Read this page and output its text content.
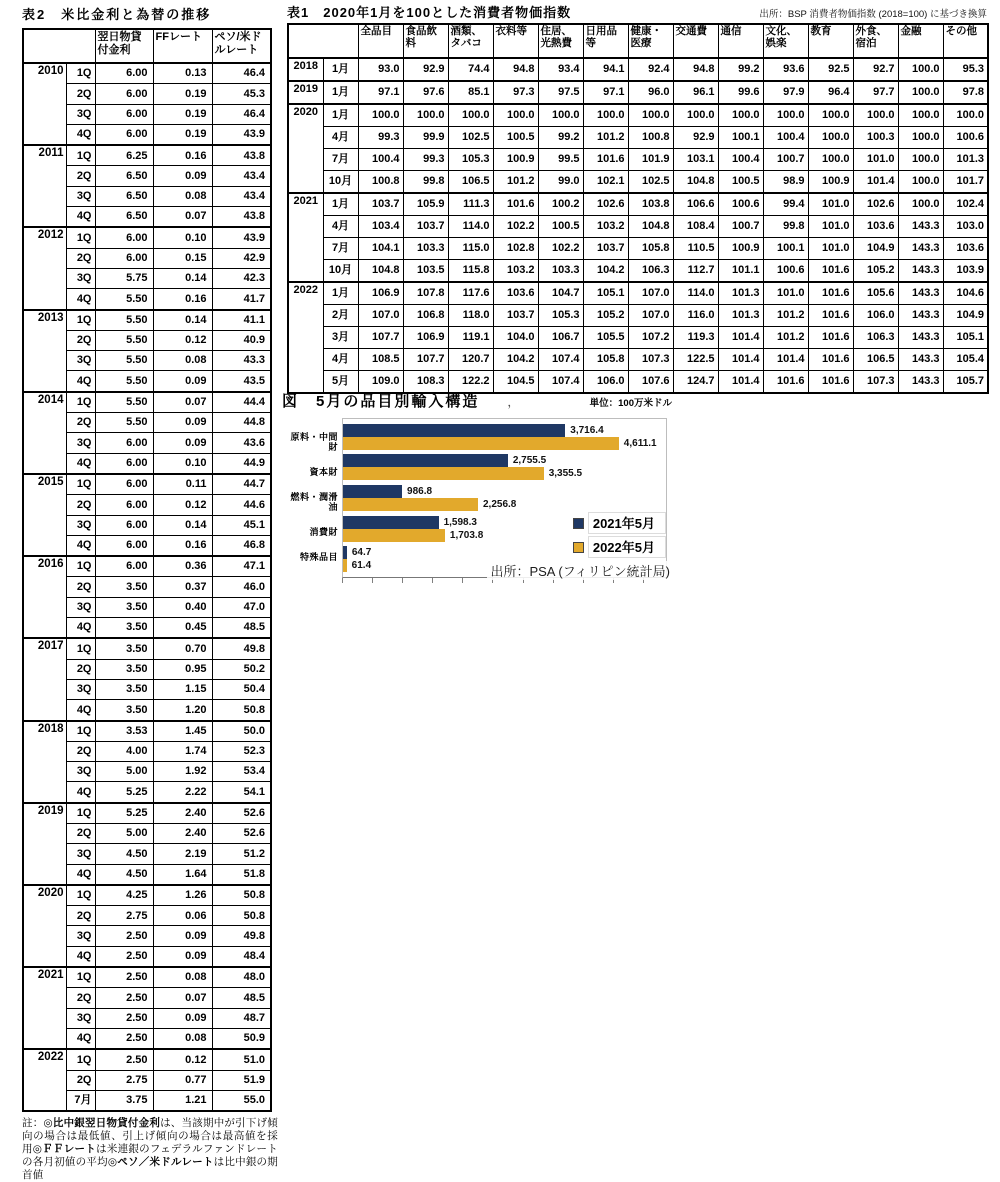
表2　米比金利と為替の推移
		翌日物貸付金利	FFレート	ペソ/米ドルレート
2010	1Q	6.00	0.13	46.4
	2Q	6.00	0.19	45.3
	3Q	6.00	0.19	46.4
	4Q	6.00	0.19	43.9
2011	1Q	6.25	0.16	43.8
	2Q	6.50	0.09	43.4
	3Q	6.50	0.08	43.4
	4Q	6.50	0.07	43.8
2012	1Q	6.00	0.10	43.9
	2Q	6.00	0.15	42.9
	3Q	5.75	0.14	42.3
	4Q	5.50	0.16	41.7
2013	1Q	5.50	0.14	41.1
	2Q	5.50	0.12	40.9
	3Q	5.50	0.08	43.3
	4Q	5.50	0.09	43.5
2014	1Q	5.50	0.07	44.4
	2Q	5.50	0.09	44.8
	3Q	6.00	0.09	43.6
	4Q	6.00	0.10	44.9
2015	1Q	6.00	0.11	44.7
	2Q	6.00	0.12	44.6
	3Q	6.00	0.14	45.1
	4Q	6.00	0.16	46.8
2016	1Q	6.00	0.36	47.1
	2Q	3.50	0.37	46.0
	3Q	3.50	0.40	47.0
	4Q	3.50	0.45	48.5
2017	1Q	3.50	0.70	49.8
	2Q	3.50	0.95	50.2
	3Q	3.50	1.15	50.4
	4Q	3.50	1.20	50.8
2018	1Q	3.53	1.45	50.0
	2Q	4.00	1.74	52.3
	3Q	5.00	1.92	53.4
	4Q	5.25	2.22	54.1
2019	1Q	5.25	2.40	52.6
	2Q	5.00	2.40	52.6
	3Q	4.50	2.19	51.2
	4Q	4.50	1.64	51.8
2020	1Q	4.25	1.26	50.8
	2Q	2.75	0.06	50.8
	3Q	2.50	0.09	49.8
	4Q	2.50	0.09	48.4
2021	1Q	2.50	0.08	48.0
	2Q	2.50	0.07	48.5
	3Q	2.50	0.09	48.7
	4Q	2.50	0.08	50.9
2022	1Q	2.50	0.12	51.0
	2Q	2.75	0.77	51.9
	7月	3.75	1.21	55.0
註：◎比中銀翌日物貸付金利は、当該期中が引下げ傾向の場合は最低値、引上げ傾向の場合は最高値を採用◎ＦＦレートは米連銀のフェデラルファンドレートの各月初値の平均◎ペソ／米ドルレートは比中銀の期首値
表1　2020年1月を100とした消費者物価指数	出所：BSP 消費者物価指数 (2018=100) に基づき換算
		全品目	食品飲料	酒類、タバコ	衣料等	住居、光熱費	日用品等	健康・医療	交通費	通信	文化、娯楽	教育	外食、宿泊	金融	その他
2018	1月	93.0	92.9	74.4	94.8	93.4	94.1	92.4	94.8	99.2	93.6	92.5	92.7	100.0	95.3
2019	1月	97.1	97.6	85.1	97.3	97.5	97.1	96.0	96.1	99.6	97.9	96.4	97.7	100.0	97.8
2020	1月	100.0	100.0	100.0	100.0	100.0	100.0	100.0	100.0	100.0	100.0	100.0	100.0	100.0	100.0
	4月	99.3	99.9	102.5	100.5	99.2	101.2	100.8	92.9	100.1	100.4	100.0	100.3	100.0	100.6
	7月	100.4	99.3	105.3	100.9	99.5	101.6	101.9	103.1	100.4	100.7	100.0	101.0	100.0	101.3
	10月	100.8	99.8	106.5	101.2	99.0	102.1	102.5	104.8	100.5	98.9	100.9	101.4	100.0	101.7
2021	1月	103.7	105.9	111.3	101.6	100.2	102.6	103.8	106.6	100.6	99.4	101.0	102.6	100.0	102.4
	4月	103.4	103.7	114.0	102.2	100.5	103.2	104.8	108.4	100.7	99.8	101.0	103.6	143.3	103.0
	7月	104.1	103.3	115.0	102.8	102.2	103.7	105.8	110.5	100.9	100.1	101.0	104.9	143.3	103.6
	10月	104.8	103.5	115.8	103.2	103.3	104.2	106.3	112.7	101.1	100.6	101.6	105.2	143.3	103.9
2022	1月	106.9	107.8	117.6	103.6	104.7	105.1	107.0	114.0	101.3	101.0	101.6	105.6	143.3	104.6
	2月	107.0	106.8	118.0	103.7	105.3	105.2	107.0	116.0	101.3	101.2	101.6	106.0	143.3	104.9
	3月	107.7	106.9	119.1	104.0	106.7	105.5	107.2	119.3	101.4	101.2	101.6	106.3	143.3	105.1
	4月	108.5	107.7	120.7	104.2	107.4	105.8	107.3	122.5	101.4	101.4	101.6	106.5	143.3	105.4
	5月	109.0	108.3	122.2	104.5	107.4	106.0	107.6	124.7	101.4	101.6	101.6	107.3	143.3	105.7
図　5月の品目別輸入構造 ，	単位：100万米ドル
原料・中間財
資本財
燃料・潤滑油
消費財
特殊品目
3,716.4
4,611.1
2,755.5
3,355.5
986.8
2,256.8
1,598.3
1,703.8
64.7
61.4
2021年5月
2022年5月
出所：PSA (フィリピン統計局)
